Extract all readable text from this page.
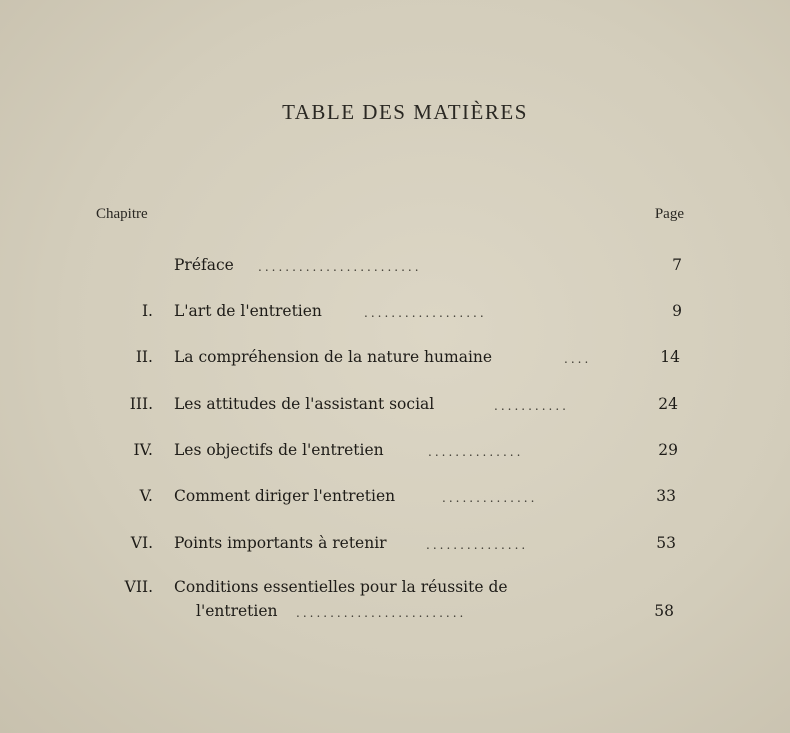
TABLE DES MATIÈRES
Chapitre	Page
Préface ........................	7
I. L'art de l'entretien	..................	9
II. La compréhension de la nature humaine	....	14
III. Les attitudes de l'assistant social	...........	24
IV. Les objectifs de l'entretien	..............	29
V. Comment diriger l'entretien	..............	33
VI. Points importants à retenir	...............	53
VII. Conditions essentielles pour la réussite de
l'entretien .........................	58
